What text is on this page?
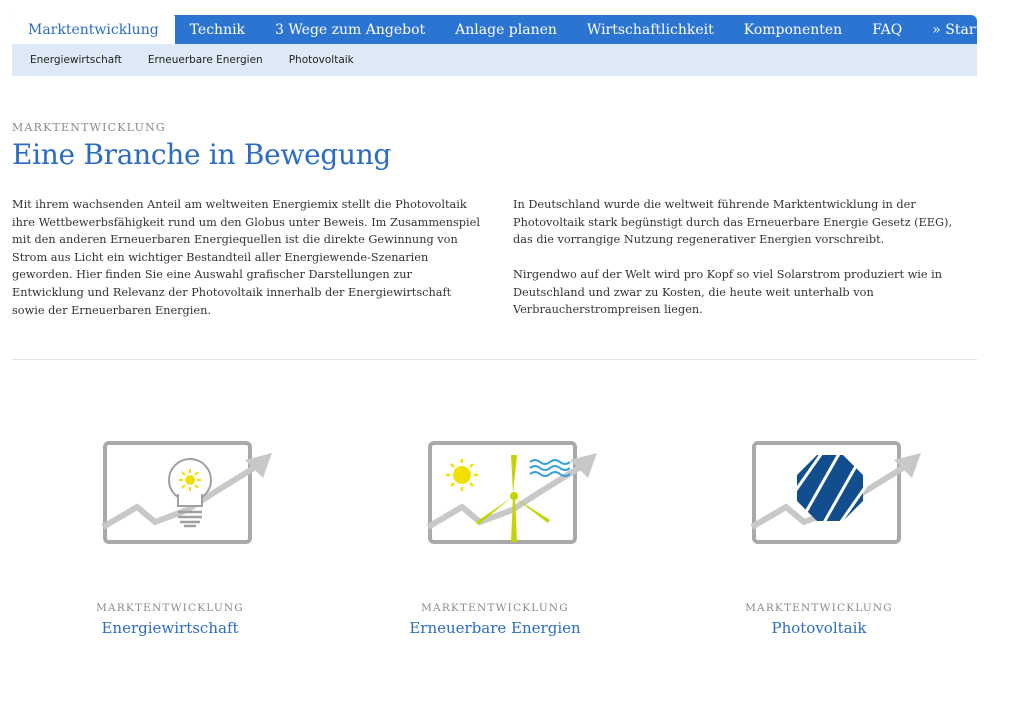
Marktentwicklung	Technik	3 Wege zum Angebot	Anlage planen	Wirtschaftlichkeit	Komponenten	FAQ	» Startseite
Energiewirtschaft	Erneuerbare Energien	Photovoltaik
MARKTENTWICKLUNG
Eine Branche in Bewegung

Mit ihrem wachsenden Anteil am weltweiten Energiemix stellt die Photovoltaik ihre Wettbewerbsfähigkeit rund um den Globus unter Beweis. Im Zusammenspiel mit den anderen Erneuerbaren Energiequellen ist die direkte Gewinnung von Strom aus Licht ein wichtiger Bestandteil aller Energiewende-Szenarien geworden. Hier finden Sie eine Auswahl grafischer Darstellungen zur Entwicklung und Relevanz der Photovoltaik innerhalb der Energiewirtschaft sowie der Erneuerbaren Energien.

In Deutschland wurde die weltweit führende Marktentwicklung in der Photovoltaik stark begünstigt durch das Erneuerbare Energie Gesetz (EEG), das die vorrangige Nutzung regenerativer Energien vorschreibt.

Nirgendwo auf der Welt wird pro Kopf so viel Solarstrom produziert wie in Deutschland und zwar zu Kosten, die heute weit unterhalb von Verbraucherstrompreisen liegen.

MARKTENTWICKLUNG
Energiewirtschaft
MARKTENTWICKLUNG
Erneuerbare Energien
MARKTENTWICKLUNG
Photovoltaik
